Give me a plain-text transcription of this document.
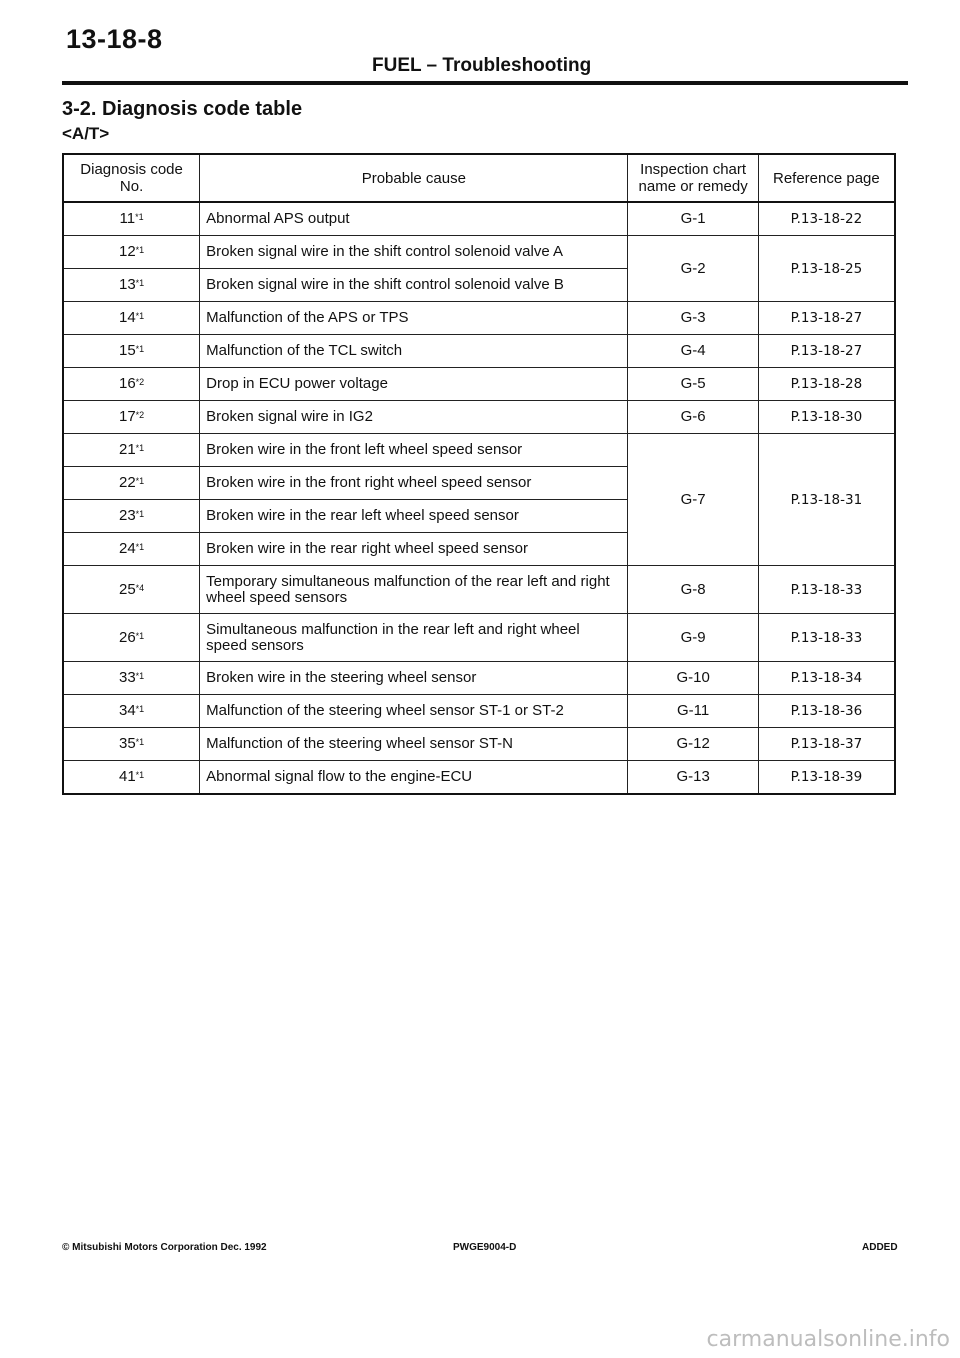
13-18-8
FUEL – Troubleshooting
3-2. Diagnosis code table
<A/T>
Diagnosis code No.	Probable cause	Inspection chart name or remedy	Reference page
11$^{*1}$	Abnormal APS output	G-1	P.13-18-22
12$^{*1}$	Broken signal wire in the shift control solenoid valve A	G-2	P.13-18-25
13$^{*1}$	Broken signal wire in the shift control solenoid valve B		
14$^{*1}$	Malfunction of the APS or TPS	G-3	P.13-18-27
15$^{*1}$	Malfunction of the TCL switch	G-4	P.13-18-27
16$^{*2}$	Drop in ECU power voltage	G-5	P.13-18-28
17$^{*2}$	Broken signal wire in IG2	G-6	P.13-18-30
21$^{*1}$	Broken wire in the front left wheel speed sensor	G-7	P.13-18-31
22$^{*1}$	Broken wire in the front right wheel speed sensor		
23$^{*1}$	Broken wire in the rear left wheel speed sensor		
24$^{*1}$	Broken wire in the rear right wheel speed sensor		
25$^{*4}$	Temporary simultaneous malfunction of the rear left and right wheel speed sensors	G-8	P.13-18-33
26$^{*1}$	Simultaneous malfunction in the rear left and right wheel speed sensors	G-9	P.13-18-33
33$^{*1}$	Broken wire in the steering wheel sensor	G-10	P.13-18-34
34$^{*1}$	Malfunction of the steering wheel sensor ST-1 or ST-2	G-11	P.13-18-36
35$^{*1}$	Malfunction of the steering wheel sensor ST-N	G-12	P.13-18-37
41$^{*1}$	Abnormal signal flow to the engine-ECU	G-13	P.13-18-39
© Mitsubishi Motors Corporation Dec. 1992	PWGE9004-D	ADDED
carmanualsonline.info
